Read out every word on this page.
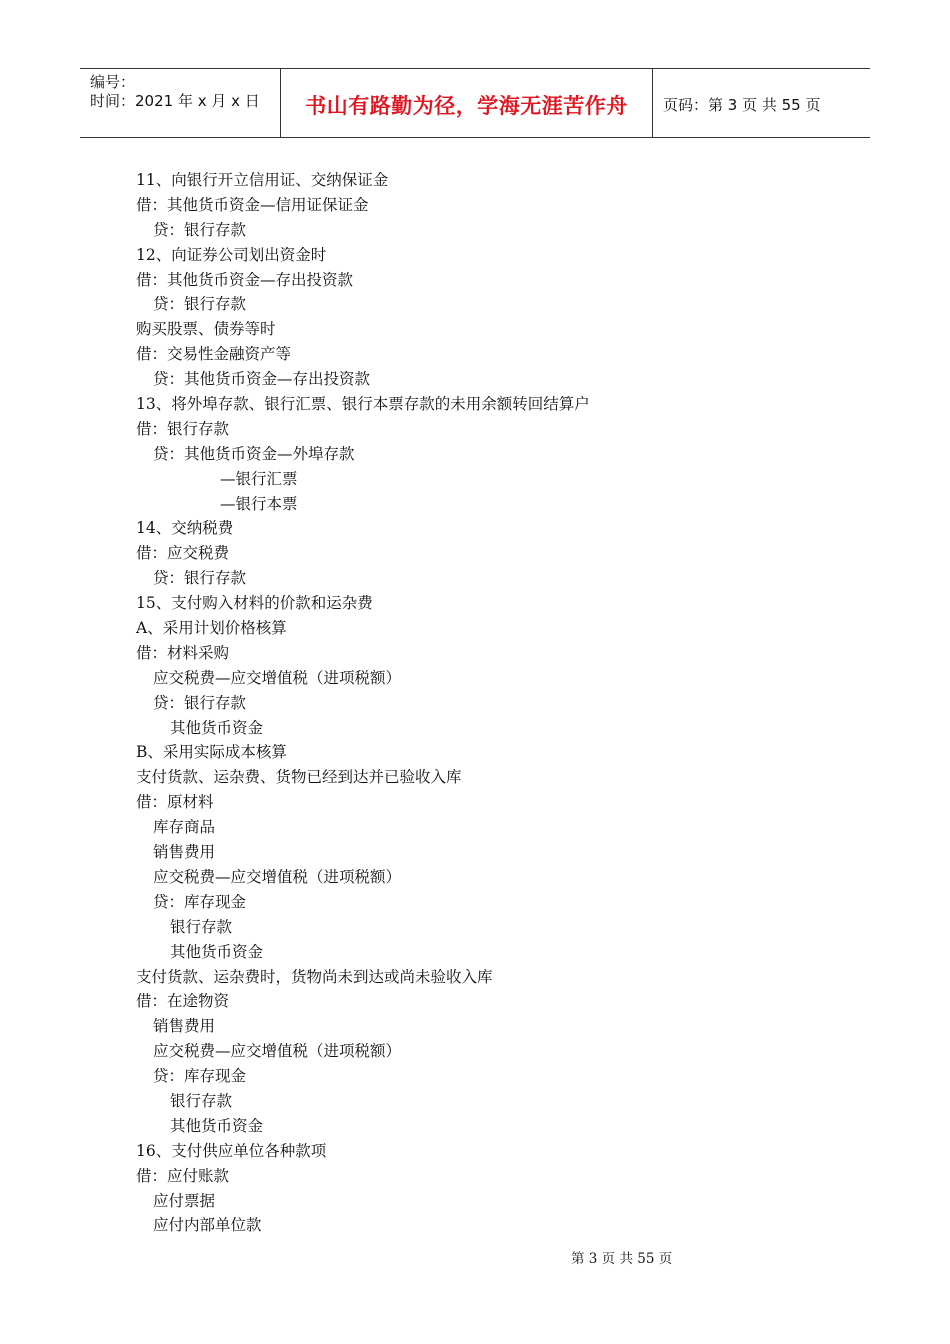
编号：
时间：2021 年 x 月 x 日	书山有路勤为径，学海无涯苦作舟 页码：第 3 页 共 55 页
11、向银行开立信用证、交纳保证金
借：其他货币资金—信用证保证金
贷：银行存款
12、向证券公司划出资金时
借：其他货币资金—存出投资款
贷：银行存款
购买股票、债券等时
借：交易性金融资产等
贷：其他货币资金—存出投资款
13、将外埠存款、银行汇票、银行本票存款的未用余额转回结算户
借：银行存款
贷：其他货币资金—外埠存款
—银行汇票
—银行本票
14、交纳税费
借：应交税费
贷：银行存款
15、支付购入材料的价款和运杂费
A、采用计划价格核算
借：材料采购
应交税费—应交增值税（进项税额）
贷：银行存款
其他货币资金
B、采用实际成本核算
支付货款、运杂费、货物已经到达并已验收入库
借：原材料
库存商品
销售费用
应交税费—应交增值税（进项税额）
贷：库存现金
银行存款
其他货币资金
支付货款、运杂费时，货物尚未到达或尚未验收入库
借：在途物资
销售费用
应交税费—应交增值税（进项税额）
贷：库存现金
银行存款
其他货币资金
16、支付供应单位各种款项
借：应付账款
应付票据
应付内部单位款
第 3 页 共 55 页
